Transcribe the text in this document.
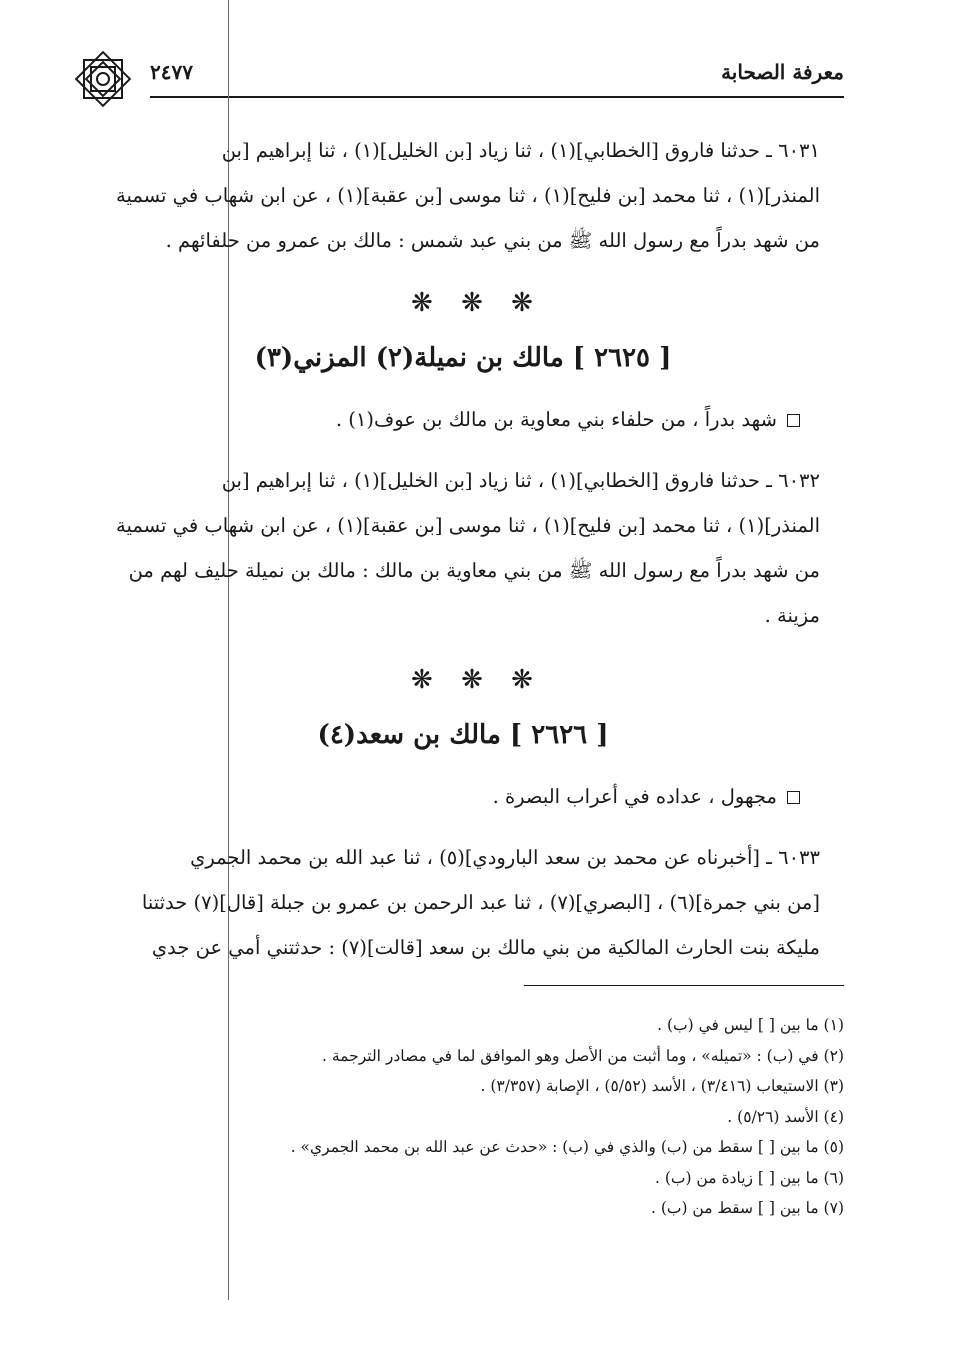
٢٤٧٧	معرفة الصحابة

٦٠٣١ ـ حدثنا فاروق [الخطابي](١) ، ثنا زياد [بن الخليل](١) ، ثنا إبراهيم [بن

المنذر](١) ، ثنا محمد [بن فليح](١) ، ثنا موسى [بن عقبة](١) ، عن ابن شهاب في تسمية

من شهد بدراً مع رسول الله ﷺ من بني عبد شمس : مالك بن عمرو من حلفائهم .

❋ ❋ ❋
[ ٢٦٢٥ ] مالك بن نميلة(٢) المزني(٣)
شهد بدراً ، من حلفاء بني معاوية بن مالك بن عوف(١) .

٦٠٣٢ ـ حدثنا فاروق [الخطابي](١) ، ثنا زياد [بن الخليل](١) ، ثنا إبراهيم [بن

المنذر](١) ، ثنا محمد [بن فليح](١) ، ثنا موسى [بن عقبة](١) ، عن ابن شهاب في تسمية

من شهد بدراً مع رسول الله ﷺ من بني معاوية بن مالك : مالك بن نميلة حليف لهم من

مزينة .

❋ ❋ ❋
[ ٢٦٢٦ ] مالك بن سعد(٤)
مجهول ، عداده في أعراب البصرة .

٦٠٣٣ ـ [أخبرناه عن محمد بن سعد البارودي](٥) ، ثنا عبد الله بن محمد الجمري

[من بني جمرة](٦) ، [البصري](٧) ، ثنا عبد الرحمن بن عمرو بن جبلة [قال](٧) حدثتنا

مليكة بنت الحارث المالكية من بني مالك بن سعد [قالت](٧) : حدثتني أمي عن جدي

(١) ما بين [ ] ليس في (ب) .
(٢) في (ب) : «تميله» ، وما أثبت من الأصل وهو الموافق لما في مصادر الترجمة .
(٣) الاستيعاب (٣/٤١٦) ، الأسد (٥/٥٢) ، الإصابة (٣/٣٥٧) .
(٤) الأسد (٥/٢٦) .
(٥) ما بين [ ] سقط من (ب) والذي في (ب) : «حدث عن عبد الله بن محمد الجمري» .
(٦) ما بين [ ] زيادة من (ب) .
(٧) ما بين [ ] سقط من (ب) .
